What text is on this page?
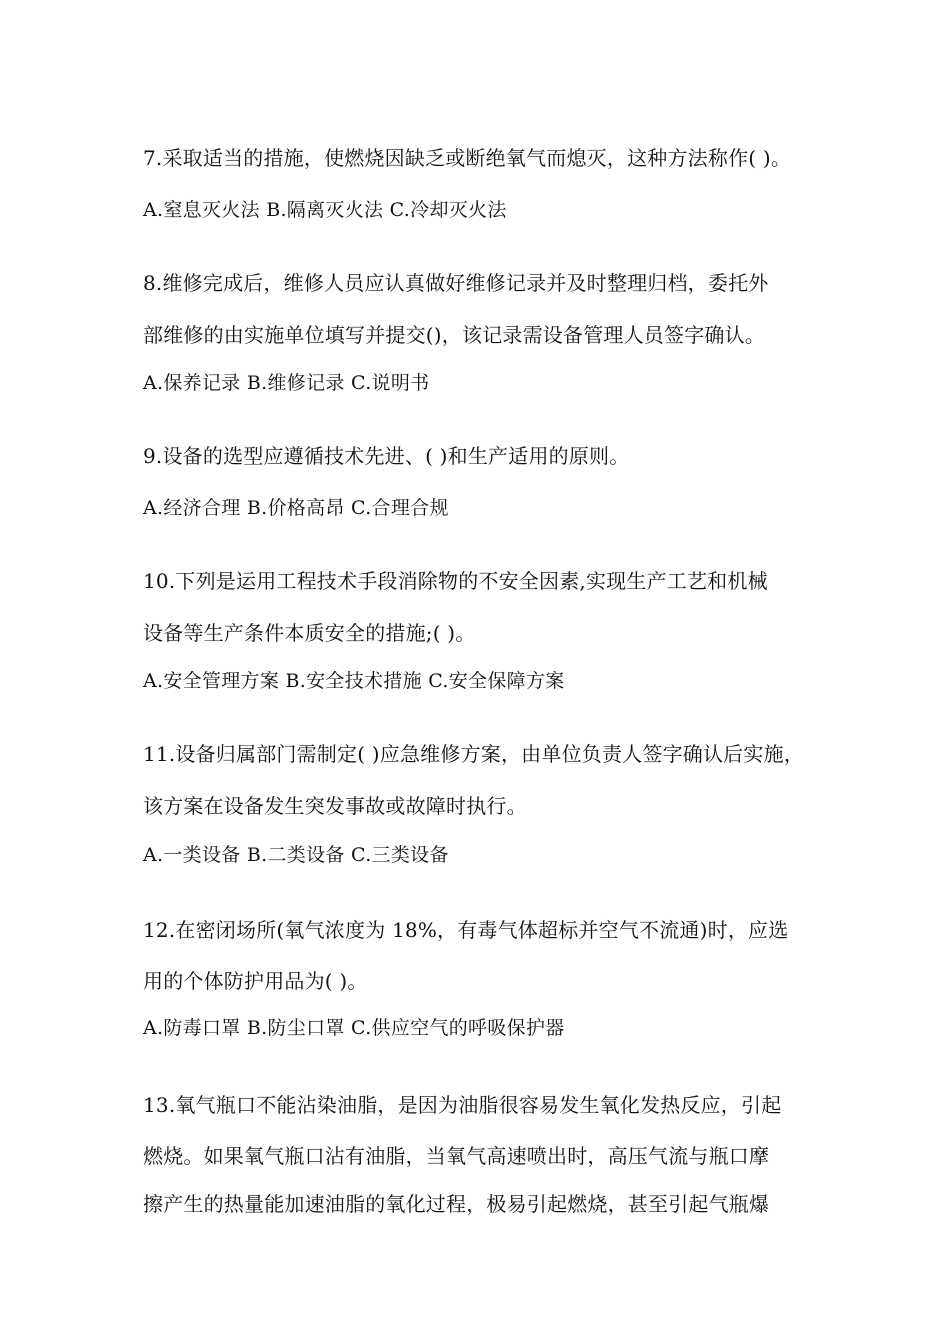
7.采取适当的措施，使燃烧因缺乏或断绝氧气而熄灭，这种方法称作( )。
A.窒息灭火法 B.隔离灭火法 C.冷却灭火法
8.维修完成后，维修人员应认真做好维修记录并及时整理归档，委托外
部维修的由实施单位填写并提交()，该记录需设备管理人员签字确认。
A.保养记录 B.维修记录 C.说明书
9.设备的选型应遵循技术先进、( )和生产适用的原则。
A.经济合理 B.价格高昂 C.合理合规
10.下列是运用工程技术手段消除物的不安全因素,实现生产工艺和机械
设备等生产条件本质安全的措施;( )。
A.安全管理方案 B.安全技术措施 C.安全保障方案
11.设备归属部门需制定( )应急维修方案，由单位负责人签字确认后实施，
该方案在设备发生突发事故或故障时执行。
A.一类设备 B.二类设备 C.三类设备
12.在密闭场所(氧气浓度为 18%，有毒气体超标并空气不流通)时，应选
用的个体防护用品为( )。
A.防毒口罩 B.防尘口罩 C.供应空气的呼吸保护器
13.氧气瓶口不能沾染油脂，是因为油脂很容易发生氧化发热反应，引起
燃烧。如果氧气瓶口沾有油脂，当氧气高速喷出时，高压气流与瓶口摩
擦产生的热量能加速油脂的氧化过程，极易引起燃烧，甚至引起气瓶爆
